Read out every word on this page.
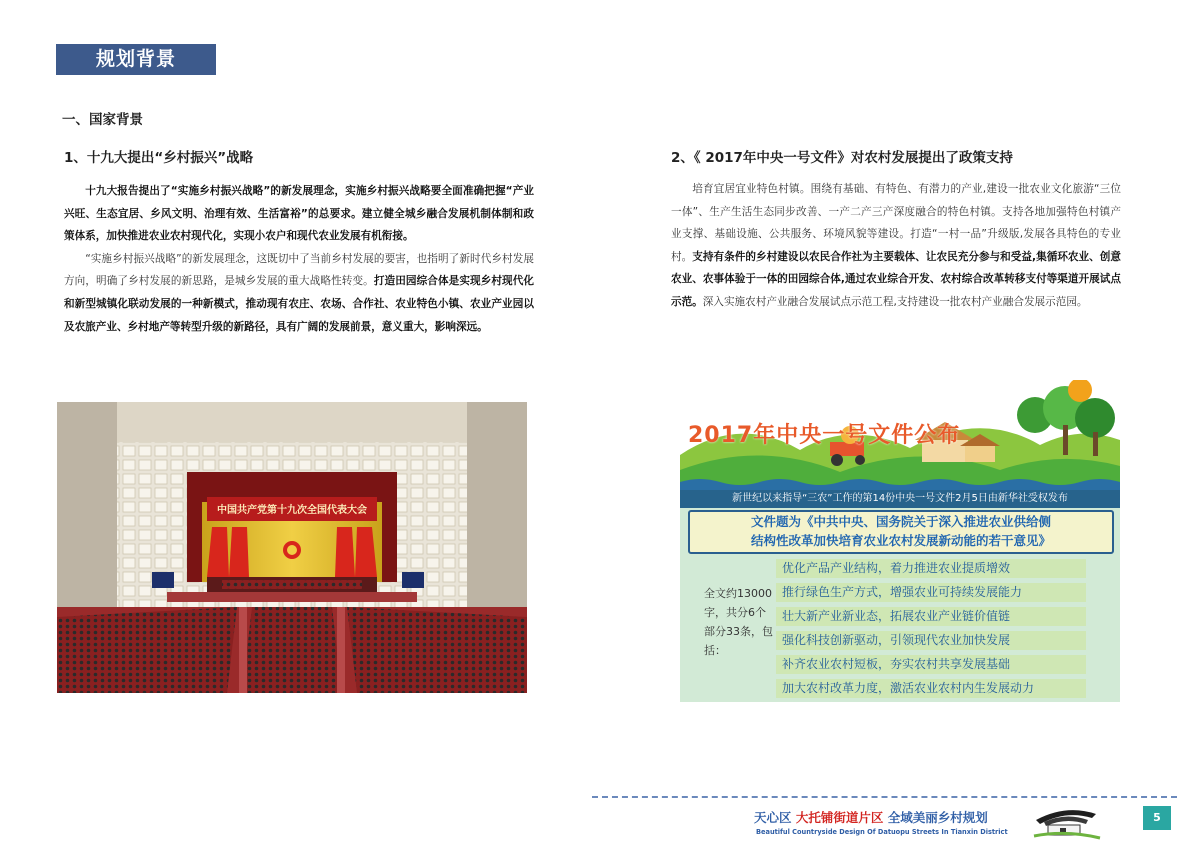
规划背景
一、国家背景
1、十九大提出“乡村振兴”战略

十九大报告提出了“实施乡村振兴战略”的新发展理念，实施乡村振兴战略要全面准确把握“产业兴旺、生态宜居、乡风文明、治理有效、生活富裕”的总要求。建立健全城乡融合发展机制体制和政策体系，加快推进农业农村现代化，实现小农户和现代农业发展有机衔接。

“实施乡村振兴战略”的新发展理念，这既切中了当前乡村发展的要害，也指明了新时代乡村发展方向，明确了乡村发展的新思路，是城乡发展的重大战略性转变。打造田园综合体是实现乡村现代化和新型城镇化联动发展的一种新模式，推动现有农庄、农场、合作社、农业特色小镇、农业产业园以及农旅产业、乡村地产等转型升级的新路径，具有广阔的发展前景，意义重大，影响深远。

中国共产党第十九次全国代表大会
2、《 2017年中央一号文件》对农村发展提出了政策支持

培育宜居宜业特色村镇。围绕有基础、有特色、有潜力的产业,建设一批农业文化旅游“三位一体”、生产生活生态同步改善、一产二产三产深度融合的特色村镇。支持各地加强特色村镇产业支撑、基础设施、公共服务、环境风貌等建设。打造“一村一品”升级版,发展各具特色的专业村。支持有条件的乡村建设以农民合作社为主要载体、让农民充分参与和受益,集循环农业、创意农业、农事体验于一体的田园综合体,通过农业综合开发、农村综合改革转移支付等渠道开展试点示范。深入实施农村产业融合发展试点示范工程,支持建设一批农村产业融合发展示范园。

2017年中央一号文件公布
新世纪以来指导“三农”工作的第14份中央一号文件2月5日由新华社受权发布
文件题为《中共中央、国务院关于深入推进农业供给侧
结构性改革加快培育农业农村发展新动能的若干意见》
全文约13000字，共分6个部分33条，包括：
优化产品产业结构，着力推进农业提质增效
推行绿色生产方式，增强农业可持续发展能力
壮大新产业新业态，拓展农业产业链价值链
强化科技创新驱动，引领现代农业加快发展
补齐农业农村短板，夯实农村共享发展基础
加大农村改革力度，激活农业农村内生发展动力
天心区 大托铺街道片区 全域美丽乡村规划
Beautiful Countryside Design Of Datuopu Streets In Tianxin District
5
